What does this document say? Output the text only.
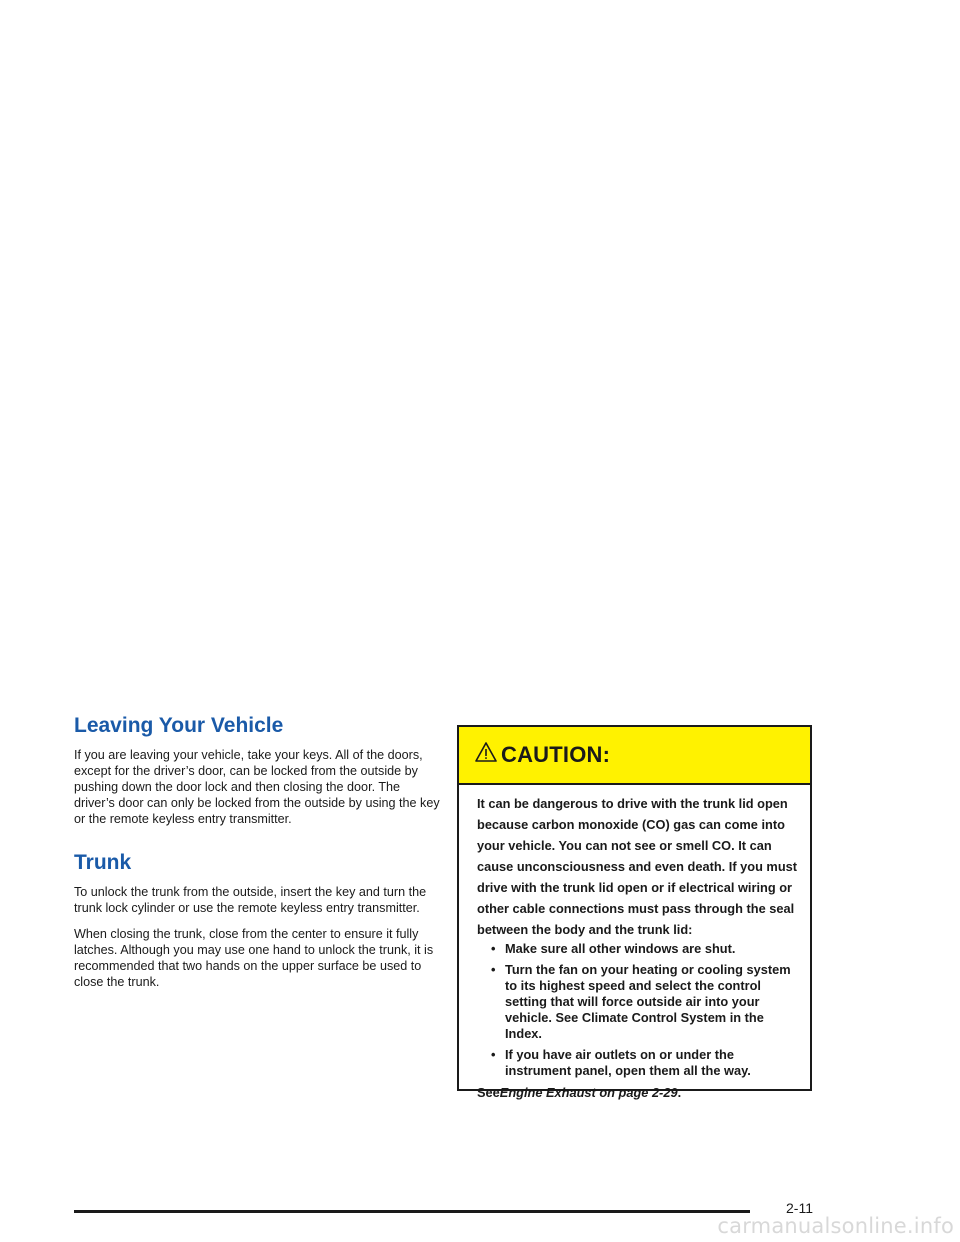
Leaving Your Vehicle

If you are leaving your vehicle, take your keys. All of the doors, except for the driver’s door, can be locked from the outside by pushing down the door lock and then closing the door. The driver’s door can only be locked from the outside by using the key or the remote keyless entry transmitter.

Trunk

To unlock the trunk from the outside, insert the key and turn the trunk lock cylinder or use the remote keyless entry transmitter.

When closing the trunk, close from the center to ensure it fully latches. Although you may use one hand to unlock the trunk, it is recommended that two hands on the upper surface be used to close the trunk.

CAUTION:

It can be dangerous to drive with the trunk lid open because carbon monoxide (CO) gas can come into your vehicle. You can not see or smell CO. It can cause unconsciousness and even death. If you must drive with the trunk lid open or if electrical wiring or other cable connections must pass through the seal between the body and the trunk lid:

• Make sure all other windows are shut.
• Turn the fan on your heating or cooling system to its highest speed and select the control setting that will force outside air into your vehicle. See Climate Control System in the Index.
• If you have air outlets on or under the instrument panel, open them all the way.

SeeEngine Exhaust on page 2-29.

2-11
carmanualsonline.info
